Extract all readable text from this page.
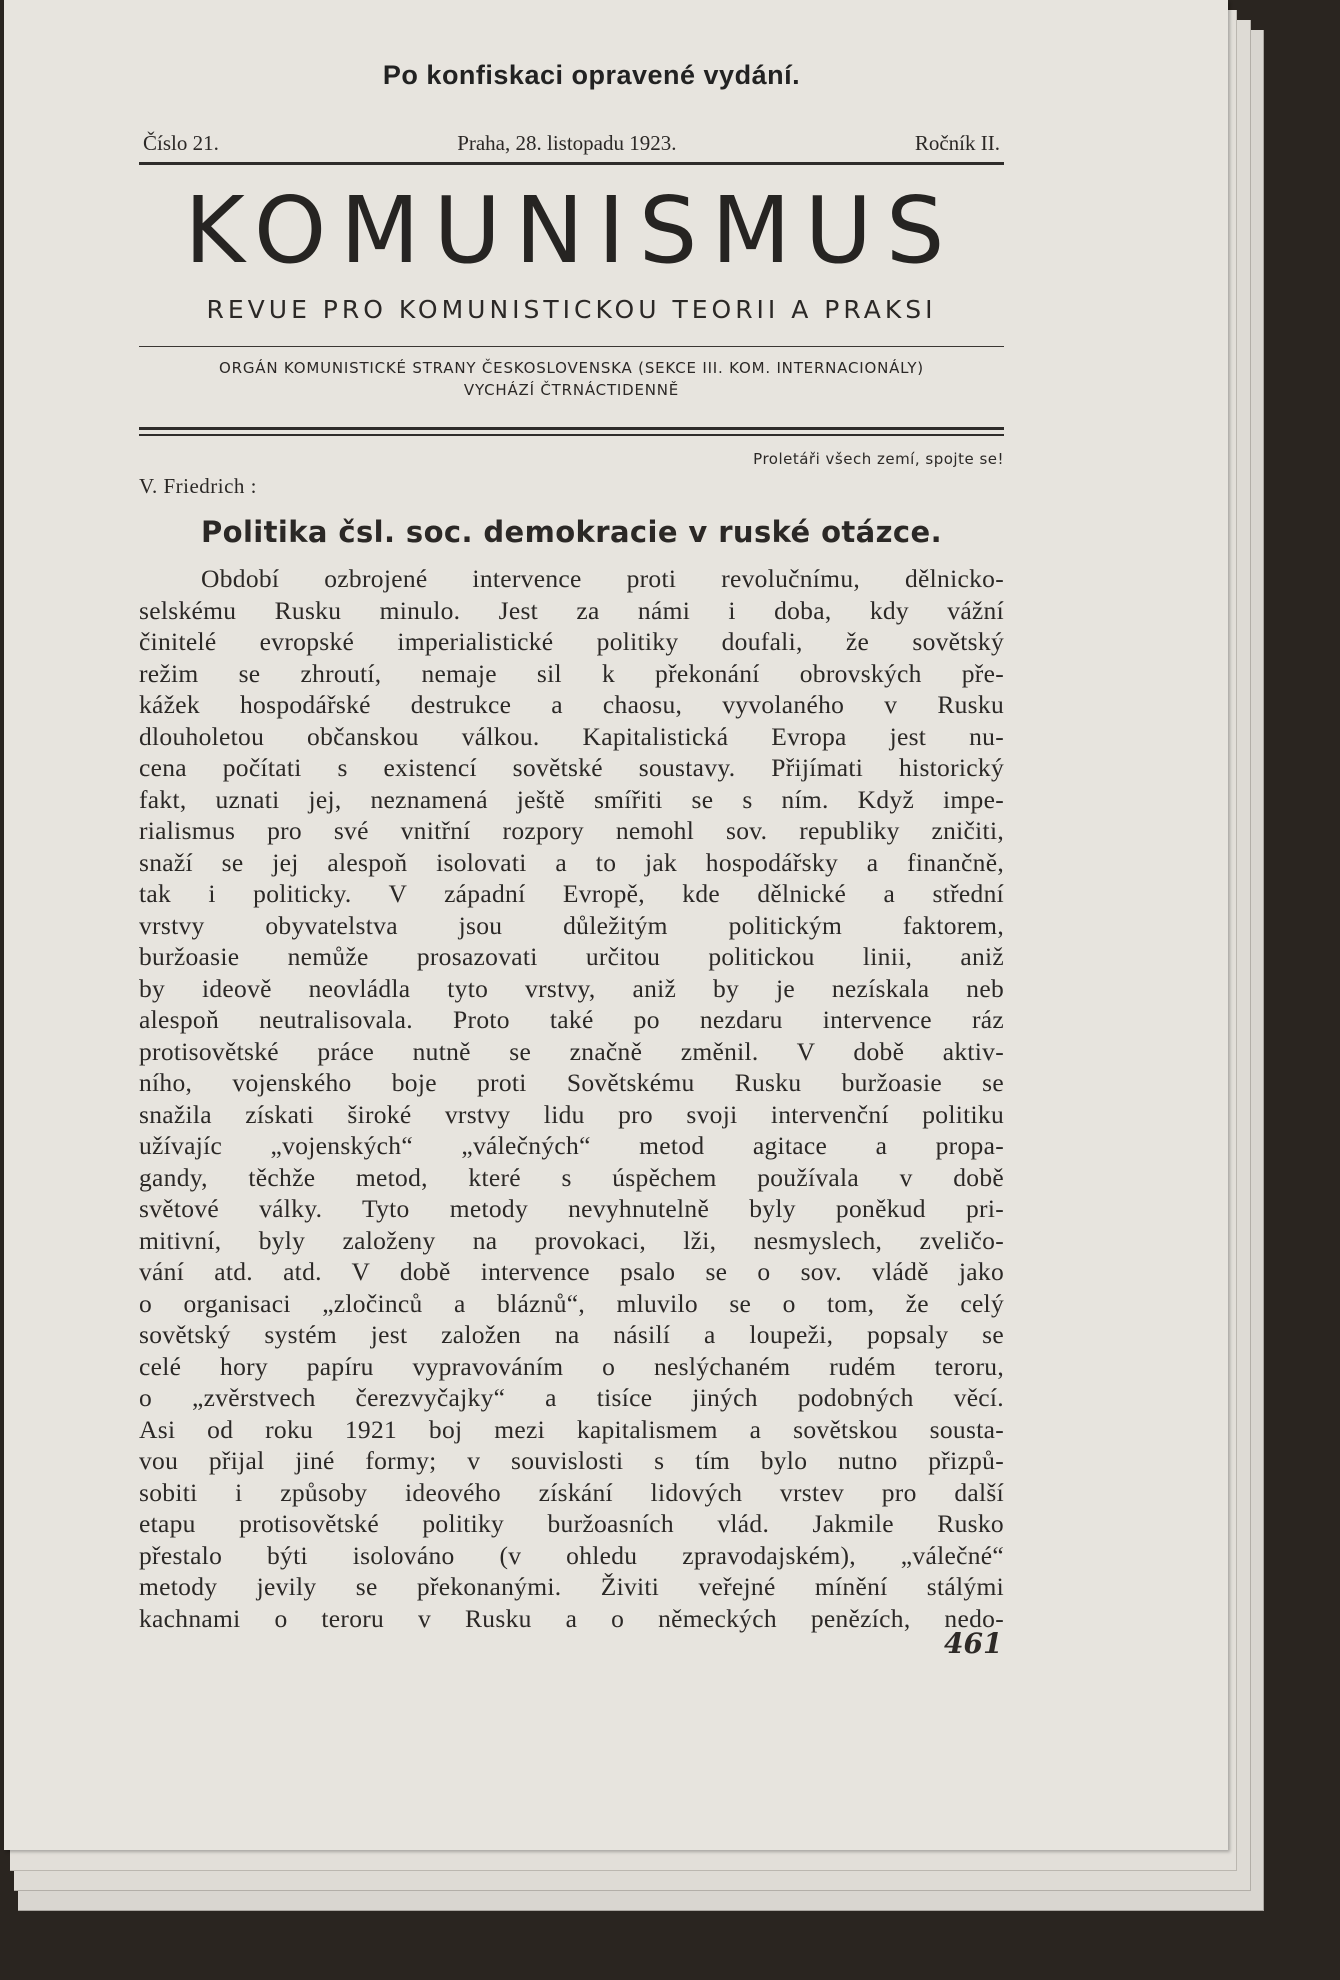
Po konfiskaci opravené vydání.
Číslo 21.	Praha, 28. listopadu 1923.	Ročník II.
KOMUNISMUS
REVUE PRO KOMUNISTICKOU TEORII A PRAKSI
ORGÁN KOMUNISTICKÉ STRANY ČESKOSLOVENSKA (SEKCE III. KOM. INTERNACIONÁLY)
VYCHÁZÍ ČTRNÁCTIDENNĚ
Proletáři všech zemí, spojte se!
V. Friedrich :
Politika čsl. soc. demokracie v ruské otázce.
Období ozbrojené intervence proti revolučnímu, dělnicko-
selskému Rusku minulo. Jest za námi i doba, kdy vážní
činitelé evropské imperialistické politiky doufali, že sovětský
režim se zhroutí, nemaje sil k překonání obrovských pře-
kážek hospodářské destrukce a chaosu, vyvolaného v Rusku
dlouholetou občanskou válkou. Kapitalistická Evropa jest nu-
cena počítati s existencí sovětské soustavy. Přijímati historický
fakt, uznati jej, neznamená ještě smířiti se s ním. Když impe-
rialismus pro své vnitřní rozpory nemohl sov. republiky zničiti,
snaží se jej alespoň isolovati a to jak hospodářsky a finančně,
tak i politicky. V západní Evropě, kde dělnické a střední
vrstvy obyvatelstva jsou důležitým politickým faktorem,
buržoasie nemůže prosazovati určitou politickou linii, aniž
by ideově neovládla tyto vrstvy, aniž by je nezískala neb
alespoň neutralisovala. Proto také po nezdaru intervence ráz
protisovětské práce nutně se značně změnil. V době aktiv-
ního, vojenského boje proti Sovětskému Rusku buržoasie se
snažila získati široké vrstvy lidu pro svoji intervenční politiku
užívajíc „vojenských“ „válečných“ metod agitace a propa-
gandy, těchže metod, které s úspěchem používala v době
světové války. Tyto metody nevyhnutelně byly poněkud pri-
mitivní, byly založeny na provokaci, lži, nesmyslech, zveličo-
vání atd. atd. V době intervence psalo se o sov. vládě jako
o organisaci „zločinců a bláznů“, mluvilo se o tom, že celý
sovětský systém jest založen na násilí a loupeži, popsaly se
celé hory papíru vypravováním o neslýchaném rudém teroru,
o „zvěrstvech čerezvyčajky“ a tisíce jiných podobných věcí.
Asi od roku 1921 boj mezi kapitalismem a sovětskou sousta-
vou přijal jiné formy; v souvislosti s tím bylo nutno přizpů-
sobiti i způsoby ideového získání lidových vrstev pro další
etapu protisovětské politiky buržoasních vlád. Jakmile Rusko
přestalo býti isolováno (v ohledu zpravodajském), „válečné“
metody jevily se překonanými. Živiti veřejné mínění stálými
kachnami o teroru v Rusku a o německých penězích, nedo-
461
